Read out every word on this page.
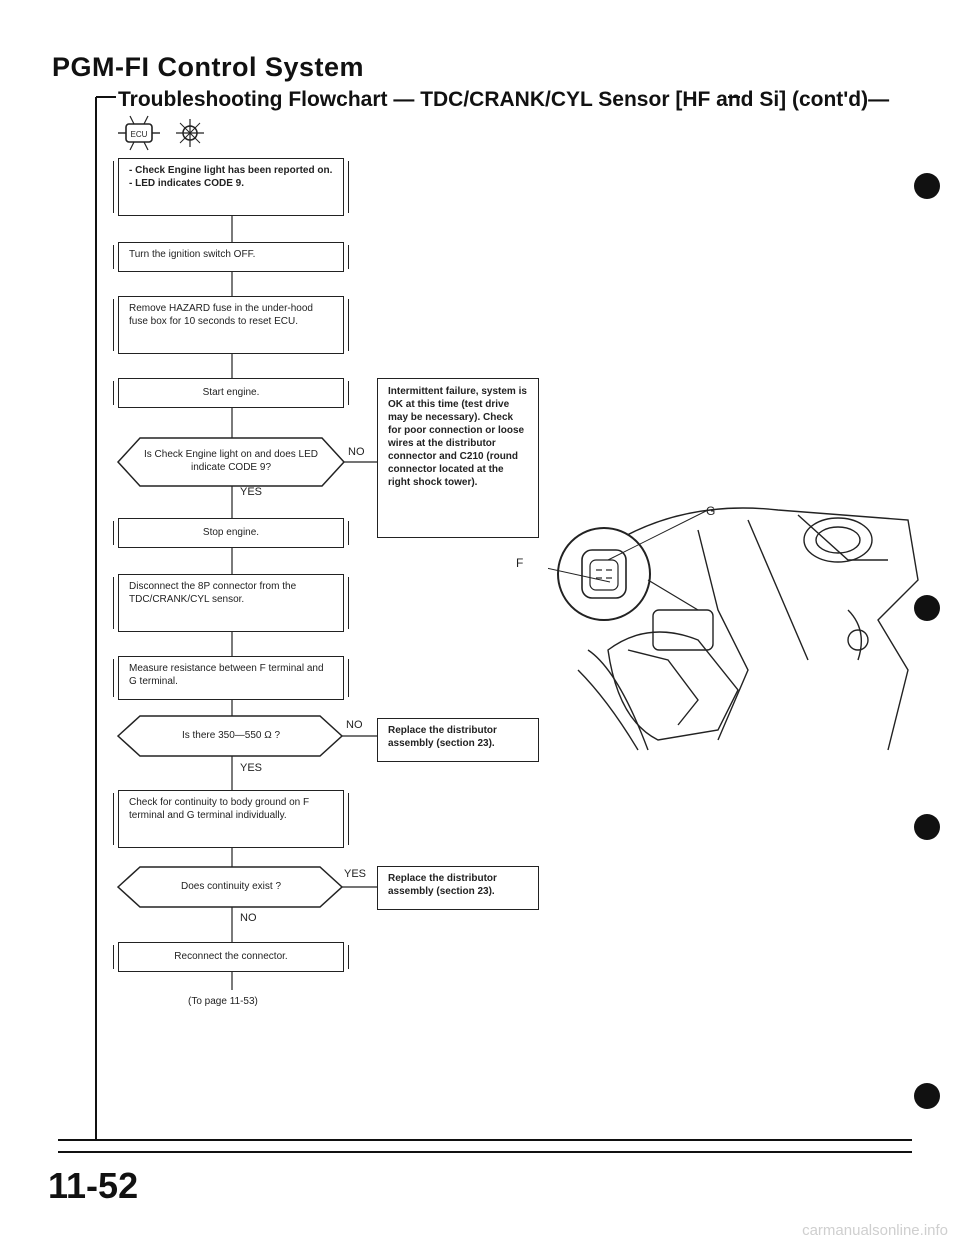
PGM-FI Control System
Troubleshooting Flowchart — TDC/CRANK/CYL Sensor [HF and Si] (cont'd)—
ECU
- Check Engine light has been reported on.
- LED indicates CODE 9.
Turn the ignition switch OFF.
Remove HAZARD fuse in the under-hood fuse box for 10 seconds to reset ECU.
Start engine.
Is Check Engine light on and does LED indicate CODE 9?
NO
YES
Intermittent failure, system is OK at this time (test drive may be necessary). Check for poor connection or loose wires at the distributor connector and C210 (round connector located at the right shock tower).
Stop engine.
Disconnect the 8P connector from the TDC/CRANK/CYL sensor.
Measure resistance between F terminal and G terminal.
Is there 350—550 Ω ?
NO	Replace the distributor assembly (section 23).
YES
Check for continuity to body ground on F terminal and G terminal individually.
Does continuity exist ?
YES	Replace the distributor assembly (section 23).
NO
Reconnect the connector.
(To page 11-53)
F
G
11-52
carmanualsonline.info
